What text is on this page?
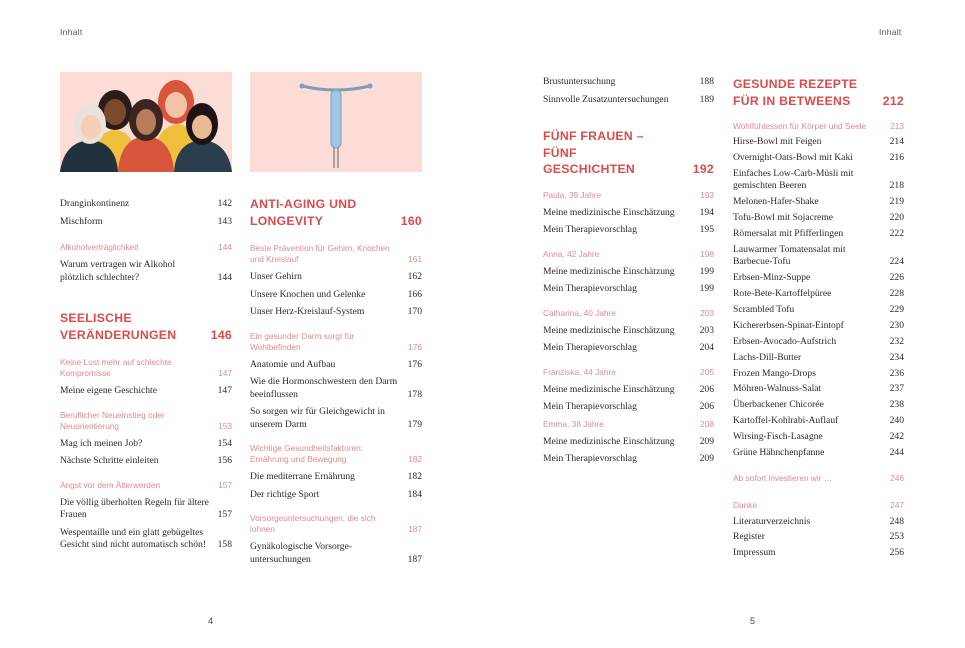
Inhalt	Inhalt
Dranginkontinenz	142
Mischform	143
Alkoholverträglichkeit	144
Warum vertragen wir Alkohol plötzlich schlechter?	144
SEELISCHE VERÄNDERUNGEN	146
Keine Lust mehr auf schlechte Kompromisse	147
Meine eigene Geschichte	147
Beruflicher Neueinstieg oder Neuorientierung	153
Mag ich meinen Job?	154
Nächste Schritte einleiten	156
Angst vor dem Älterwerden	157
Die völlig überholten Regeln für ältere Frauen	157
Wespentaille und ein glatt gebügeltes Gesicht sind nicht automatisch schön!	158
ANTI-AGING UND LONGEVITY	160
Beste Prävention für Gehirn, Knochen und Kreislauf	161
Unser Gehirn	162
Unsere Knochen und Gelenke	166
Unser Herz-Kreislauf-System	170
Ein gesunder Darm sorgt für Wohlbefinden	176
Anatomie und Aufbau	176
Wie die Hormonschwestern den Darm beeinflussen	178
So sorgen wir für Gleichgewicht in unserem Darm	179
Wichtige Gesundheitsfaktoren: Ernährung und Bewegung	182
Die mediterrane Ernährung	182
Der richtige Sport	184
Vorsorgeuntersuchungen, die sich lohnen	187
Gynäkologische Vorsorgeuntersuchungen	187
Brustuntersuchung	188
Sinnvolle Zusatzuntersuchungen	189
FÜNF FRAUEN – FÜNF GESCHICHTEN	192
Paula, 39 Jahre	193
Meine medizinische Einschätzung	194
Mein Therapievorschlag	195
Anna, 42 Jahre	198
Meine medizinische Einschätzung	199
Mein Therapievorschlag	199
Catharina, 40 Jahre	203
Meine medizinische Einschätzung	203
Mein Therapievorschlag	204
Franziska, 44 Jahre	205
Meine medizinische Einschätzung	206
Mein Therapievorschlag	206
Emma, 38 Jahre	208
Meine medizinische Einschätzung	209
Mein Therapievorschlag	209
GESUNDE REZEPTE FÜR IN BETWEENS	212
Wohlfühlessen für Körper und Seele	213
Hirse-Bowl mit Feigen	214
Overnight-Oats-Bowl mit Kaki	216
Einfaches Low-Carb-Müsli mit gemischten Beeren	218
Melonen-Hafer-Shake	219
Tofu-Bowl mit Sojacreme	220
Römersalat mit Pfifferlingen	222
Lauwarmer Tomatensalat mit Barbecue-Tofu	224
Erbsen-Minz-Suppe	226
Rote-Bete-Kartoffelpüree	228
Scrambled Tofu	229
Kichererbsen-Spinat-Eintopf	230
Erbsen-Avocado-Aufstrich	232
Lachs-Dill-Butter	234
Frozen Mango-Drops	236
Möhren-Walnuss-Salat	237
Überbackener Chicorée	238
Kartoffel-Kohlrabi-Auflauf	240
Wirsing-Fisch-Lasagne	242
Grüne Hähnchenpfanne	244
Ab sofort investieren wir …	246
Danke	247
Literaturverzeichnis	248
Register	253
Impressum	256
4	5
